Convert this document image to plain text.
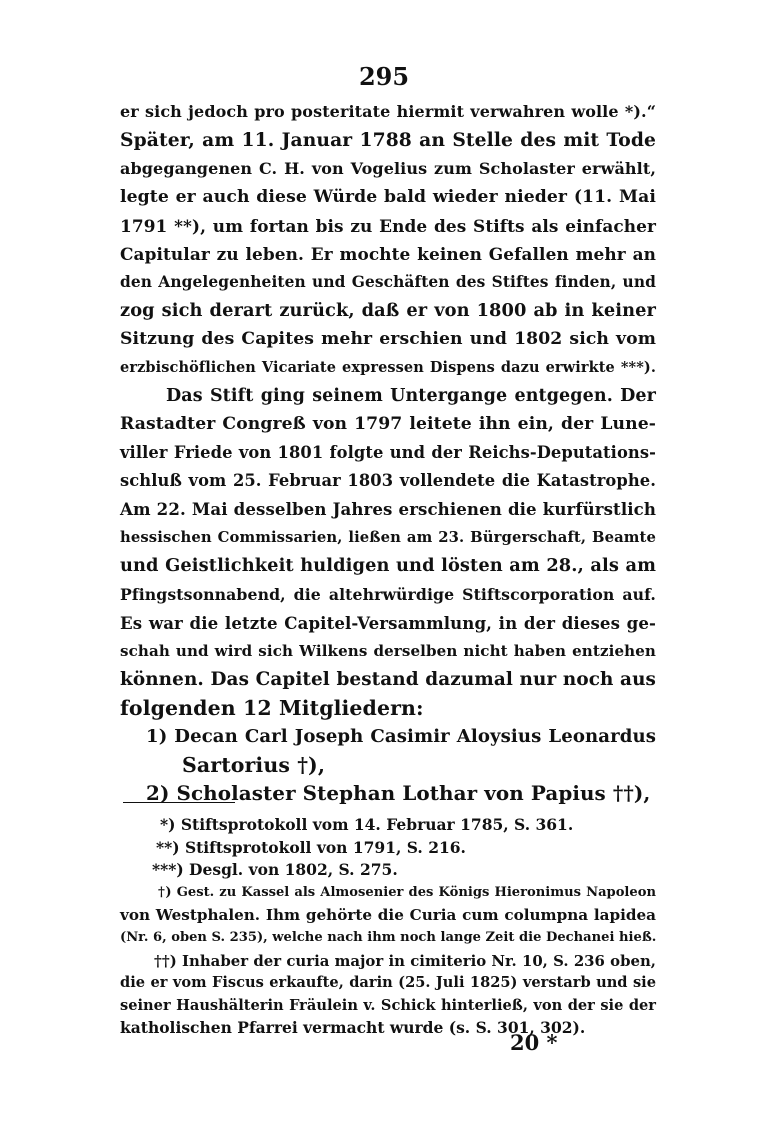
295
er sich jedoch pro posteritate hiermit verwahren wolle *).“
Später, am 11. Januar 1788 an Stelle des mit Tode
abgegangenen C. H. von Vogelius zum Scholaster erwählt,
legte er auch diese Würde bald wieder nieder (11. Mai
1791 **), um fortan bis zu Ende des Stifts als einfacher
Capitular zu leben. Er mochte keinen Gefallen mehr an
den Angelegenheiten und Geschäften des Stiftes finden, und
zog sich derart zurück, daß er von 1800 ab in keiner
Sitzung des Capites mehr erschien und 1802 sich vom
erzbischöflichen Vicariate expressen Dispens dazu erwirkte ***).
Das Stift ging seinem Untergange entgegen. Der
Rastadter Congreß von 1797 leitete ihn ein, der Lune-
viller Friede von 1801 folgte und der Reichs-Deputations-
schluß vom 25. Februar 1803 vollendete die Katastrophe.
Am 22. Mai desselben Jahres erschienen die kurfürstlich
hessischen Commissarien, ließen am 23. Bürgerschaft, Beamte
und Geistlichkeit huldigen und lösten am 28., als am
Pfingstsonnabend, die altehrwürdige Stiftscorporation auf.
Es war die letzte Capitel-Versammlung, in der dieses ge-
schah und wird sich Wilkens derselben nicht haben entziehen
können. Das Capitel bestand dazumal nur noch aus
folgenden 12 Mitgliedern:
1) Decan Carl Joseph Casimir Aloysius Leonardus
Sartorius †),
2) Scholaster Stephan Lothar von Papius ††),
*) Stiftsprotokoll vom 14. Februar 1785, S. 361.
**) Stiftsprotokoll von 1791, S. 216.
***) Desgl. von 1802, S. 275.
†) Gest. zu Kassel als Almosenier des Königs Hieronimus Napoleon
von Westphalen. Ihm gehörte die Curia cum columpna lapidea
(Nr. 6, oben S. 235), welche nach ihm noch lange Zeit die Dechanei hieß.
††) Inhaber der curia major in cimiterio Nr. 10, S. 236 oben,
die er vom Fiscus erkaufte, darin (25. Juli 1825) verstarb und sie
seiner Haushälterin Fräulein v. Schick hinterließ, von der sie der
katholischen Pfarrei vermacht wurde (s. S. 301, 302).
20 *
